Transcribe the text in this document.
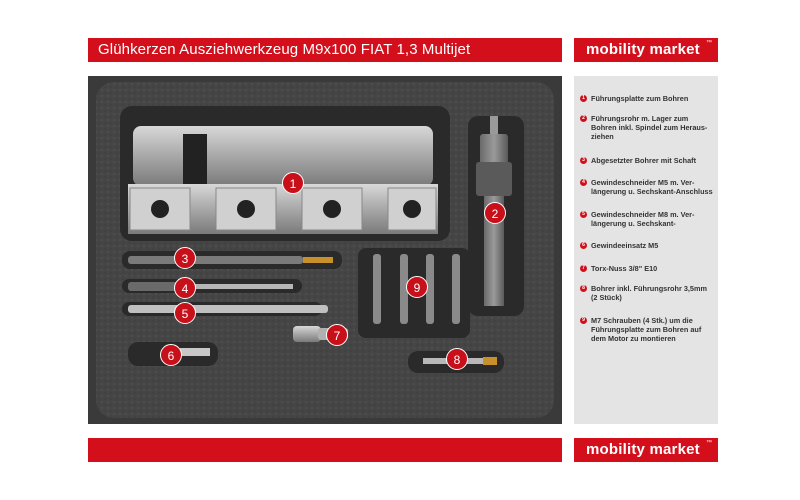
Glühkerzen Ausziehwerkzeug M9x100 FIAT 1,3 Multijet	mobility market ™
1
2
3
4
5
6
7
8
9
1 Führungsplatte zum Bohren
2 Führungsrohr m. Lager zum Bohren inkl. Spindel zum Heraus-ziehen
3 Abgesetzter Bohrer mit Schaft
4 Gewindeschneider M5 m. Ver-längerung u. Sechskant-Anschluss
5 Gewindeschneider M8 m. Ver-längerung u. Sechskant-
6 Gewindeeinsatz M5
7 Torx-Nuss 3/8" E10
8 Bohrer inkl. Führungsrohr 3,5mm (2 Stück)
9 M7 Schrauben (4 Stk.) um die Führungsplatte zum Bohren auf dem Motor zu montieren
mobility market ™
